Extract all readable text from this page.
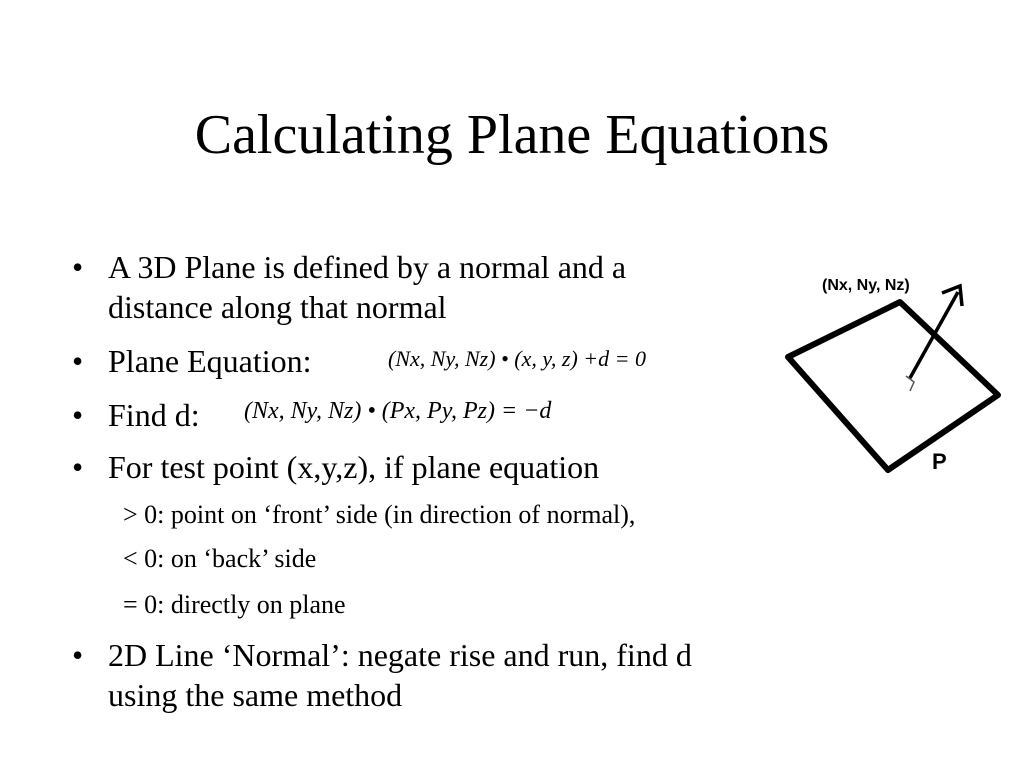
Calculating Plane Equations
• A 3D Plane is defined by a normal and a
distance along that normal
• Plane Equation:	(Nx, Ny, Nz) • (x, y, z) +d = 0
• Find d: (Nx, Ny, Nz) • (Px, Py, Pz) = −d
• For test point (x,y,z), if plane equation
> 0: point on ‘front’ side (in direction of normal),
< 0: on ‘back’ side
= 0: directly on plane
• 2D Line ‘Normal’: negate rise and run, find d
using the same method
(Nx, Ny, Nz)
P
